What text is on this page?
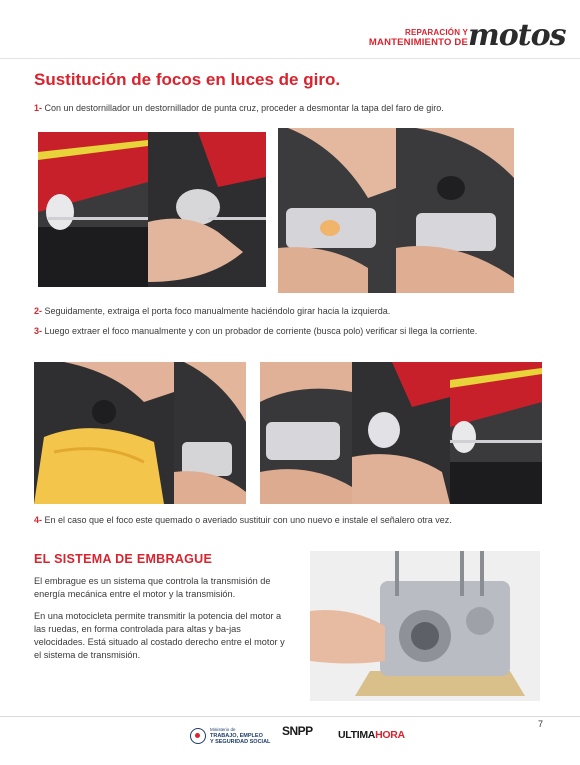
REPARACIÓN Y
MANTENIMIENTO DE motos
Sustitución de focos en luces de giro.
1- Con un destornillador un destornillador de punta cruz, proceder a desmontar la tapa del faro de giro.
2- Seguidamente, extraiga el porta foco manualmente haciéndolo girar hacia la izquierda.
3- Luego extraer el foco manualmente y con un probador de corriente (busca polo) verificar si llega la corriente.
4- En el caso que el foco este quemado o averiado sustituir con uno nuevo e instale el señalero otra vez.
EL SISTEMA DE EMBRAGUE
El embrague es un sistema que controla la transmisión de energía mecánica entre el motor y la transmisión.
En una motocicleta permite transmitir la potencia del motor a las ruedas, en forma controlada para altas y ba-jas velocidades. Está situado al costado derecho entre el motor y el sistema de transmisión.
7
Ministerio de
TRABAJO, EMPLEO
Y SEGURIDAD SOCIAL
SNPP ULTIMAHORA
